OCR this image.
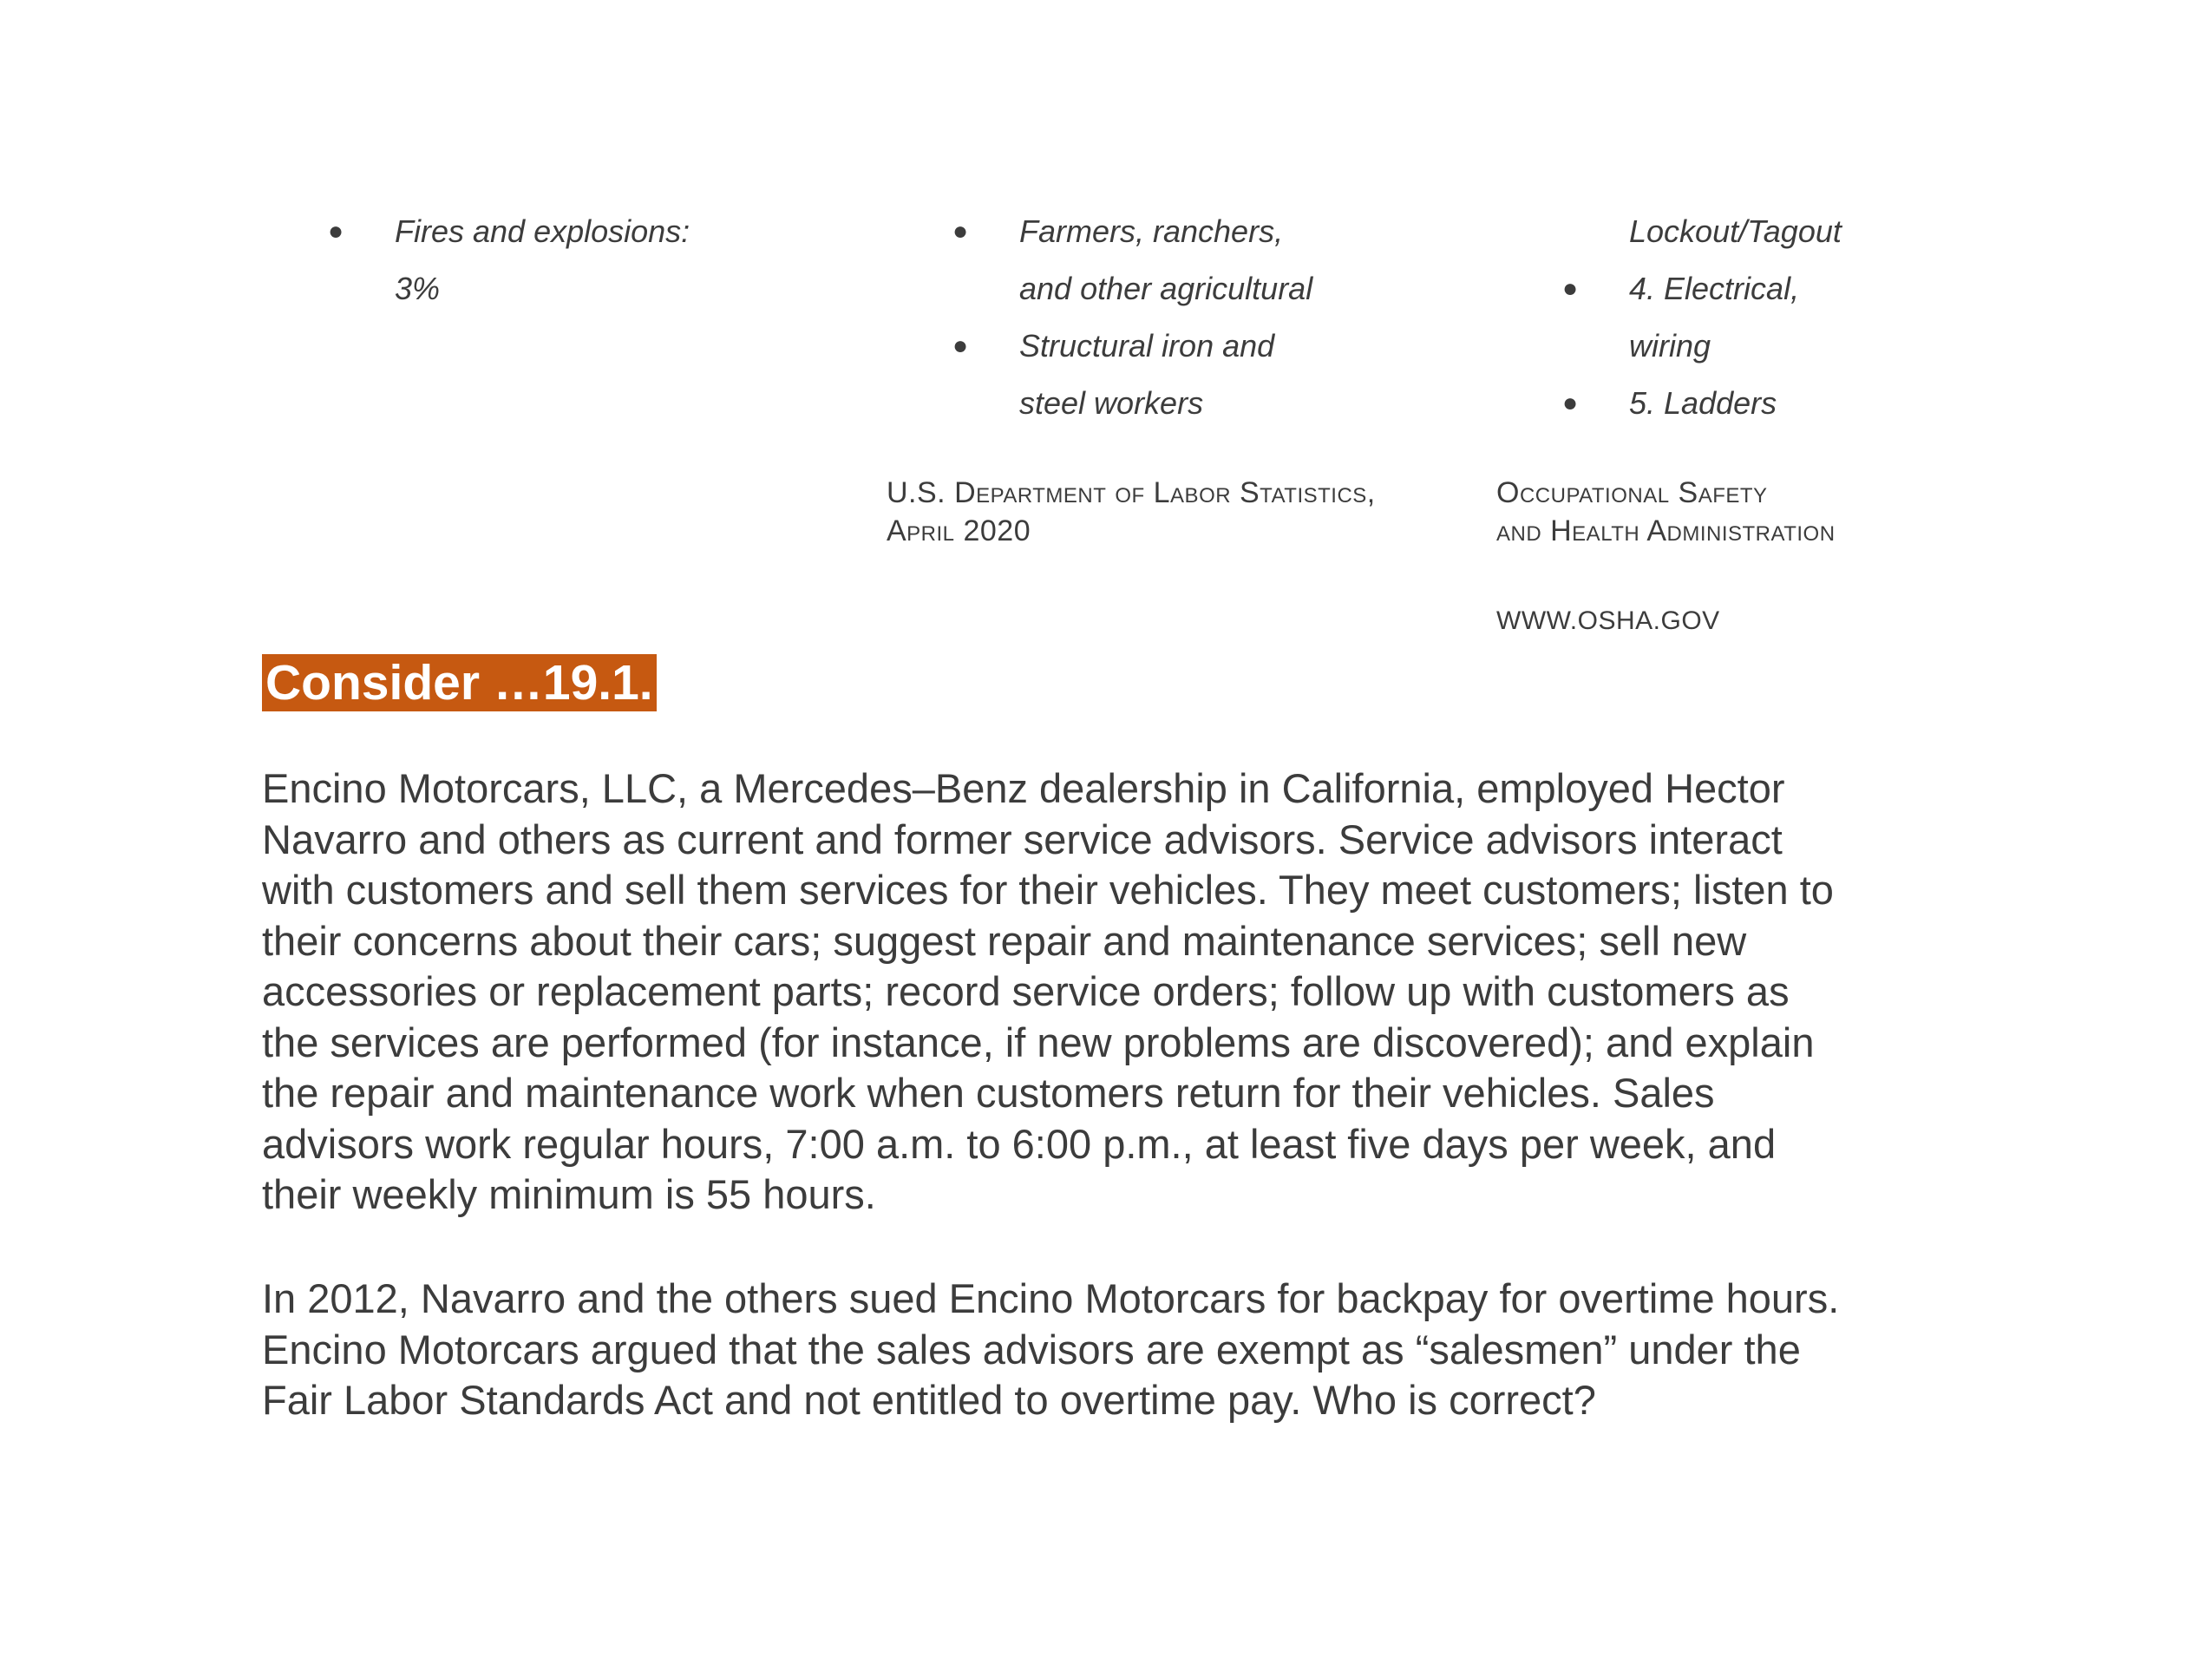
● Fires and explosions:
3%
● Farmers, ranchers,
and other agricultural
● Structural iron and
steel workers
U.S. Department of Labor Statistics,
April 2020
Lockout/Tagout
● 4. Electrical,
wiring
● 5. Ladders
Occupational Safety
and Health Administration
WWW.OSHA.GOV
Consider …19.1.
Encino Motorcars, LLC, a Mercedes–Benz dealership in California, employed Hector
Navarro and others as current and former service advisors. Service advisors interact
with customers and sell them services for their vehicles. They meet customers; listen to
their concerns about their cars; suggest repair and maintenance services; sell new
accessories or replacement parts; record service orders; follow up with customers as
the services are performed (for instance, if new problems are discovered); and explain
the repair and maintenance work when customers return for their vehicles. Sales
advisors work regular hours, 7:00 a.m. to 6:00 p.m., at least five days per week, and
their weekly minimum is 55 hours.
In 2012, Navarro and the others sued Encino Motorcars for backpay for overtime hours.
Encino Motorcars argued that the sales advisors are exempt as “salesmen” under the
Fair Labor Standards Act and not entitled to overtime pay. Who is correct?
